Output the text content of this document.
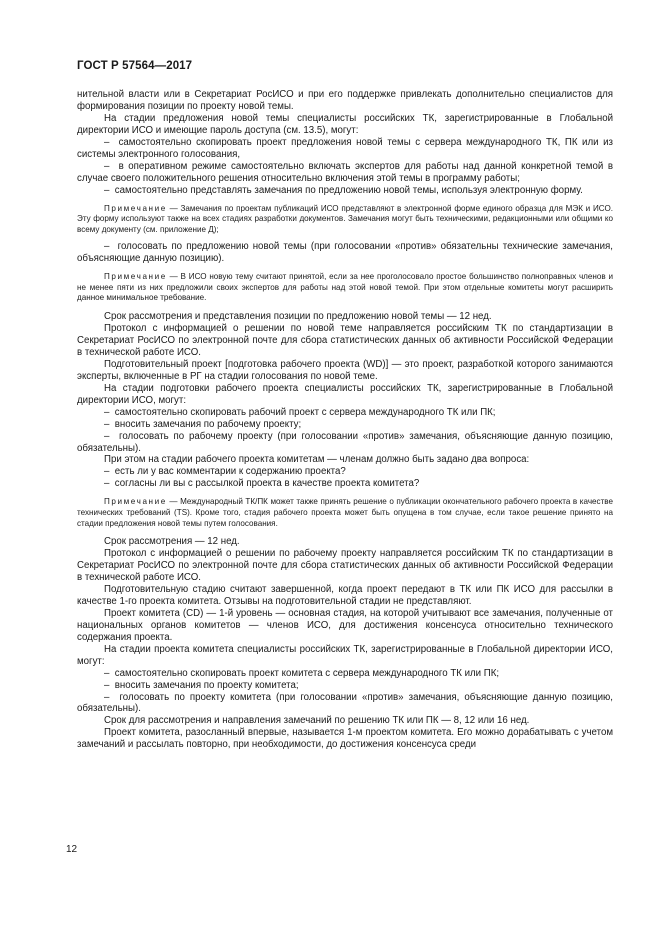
ГОСТ Р 57564—2017

нительной власти или в Секретариат РосИСО и при его поддержке привлекать дополнительно специалистов для формирования позиции по проекту новой темы.

На стадии предложения новой темы специалисты российских ТК, зарегистрированные в Глобальной директории ИСО и имеющие пароль доступа (см. 13.5), могут:

–  самостоятельно скопировать проект предложения новой темы с сервера международного ТК, ПК или из системы электронного голосования,

–  в оперативном режиме самостоятельно включать экспертов для работы над данной конкретной темой в случае своего положительного решения относительно включения этой темы в программу работы;

–  самостоятельно представлять замечания по предложению новой темы, используя электронную форму.

Примечание — Замечания по проектам публикаций ИСО представляют в электронной форме единого образца для МЭК и ИСО. Эту форму используют также на всех стадиях разработки документов. Замечания могут быть техническими, редакционными или общими ко всему документу (см. приложение Д);

–  голосовать по предложению новой темы (при голосовании «против» обязательны технические замечания, объясняющие данную позицию).

Примечание — В ИСО новую тему считают принятой, если за нее проголосовало простое большинство полноправных членов и не менее пяти из них предложили своих экспертов для работы над этой новой темой. При этом отдельные комитеты могут расширить данное минимальное требование.

Срок рассмотрения и представления позиции по предложению новой темы — 12 нед.

Протокол с информацией о решении по новой теме направляется российским ТК по стандартизации в Секретариат РосИСО по электронной почте для сбора статистических данных об активности Российской Федерации в технической работе ИСО.

Подготовительный проект [подготовка рабочего проекта (WD)] — это проект, разработкой которого занимаются эксперты, включенные в РГ на стадии голосования по новой теме.

На стадии подготовки рабочего проекта специалисты российских ТК, зарегистрированные в Глобальной директории ИСО, могут:

–  самостоятельно скопировать рабочий проект с сервера международного ТК или ПК;

–  вносить замечания по рабочему проекту;

–  голосовать по рабочему проекту (при голосовании «против» замечания, объясняющие данную позицию, обязательны).

При этом на стадии рабочего проекта комитетам — членам должно быть задано два вопроса:

–  есть ли у вас комментарии к содержанию проекта?

–  согласны ли вы с рассылкой проекта в качестве проекта комитета?

Примечание — Международный ТК/ПК может также принять решение о публикации окончательного рабочего проекта в качестве технических требований (TS). Кроме того, стадия рабочего проекта может быть опущена в том случае, если такое решение принято на стадии предложения новой темы путем голосования.

Срок рассмотрения — 12 нед.

Протокол с информацией о решении по рабочему проекту направляется российским ТК по стандартизации в Секретариат РосИСО по электронной почте для сбора статистических данных об активности Российской Федерации в технической работе ИСО.

Подготовительную стадию считают завершенной, когда проект передают в ТК или ПК ИСО для рассылки в качестве 1-го проекта комитета. Отзывы на подготовительной стадии не представляют.

Проект комитета (CD) — 1-й уровень — основная стадия, на которой учитывают все замечания, полученные от национальных органов комитетов — членов ИСО, для достижения консенсуса относительно технического содержания проекта.

На стадии проекта комитета специалисты российских ТК, зарегистрированные в Глобальной директории ИСО, могут:

–  самостоятельно скопировать проект комитета с сервера международного ТК или ПК;

–  вносить замечания по проекту комитета;

–  голосовать по проекту комитета (при голосовании «против» замечания, объясняющие данную позицию, обязательны).

Срок для рассмотрения и направления замечаний по решению ТК или ПК — 8, 12 или 16 нед.

Проект комитета, разосланный впервые, называется 1-м проектом комитета. Его можно дорабатывать с учетом замечаний и рассылать повторно, при необходимости, до достижения консенсуса среди

12
